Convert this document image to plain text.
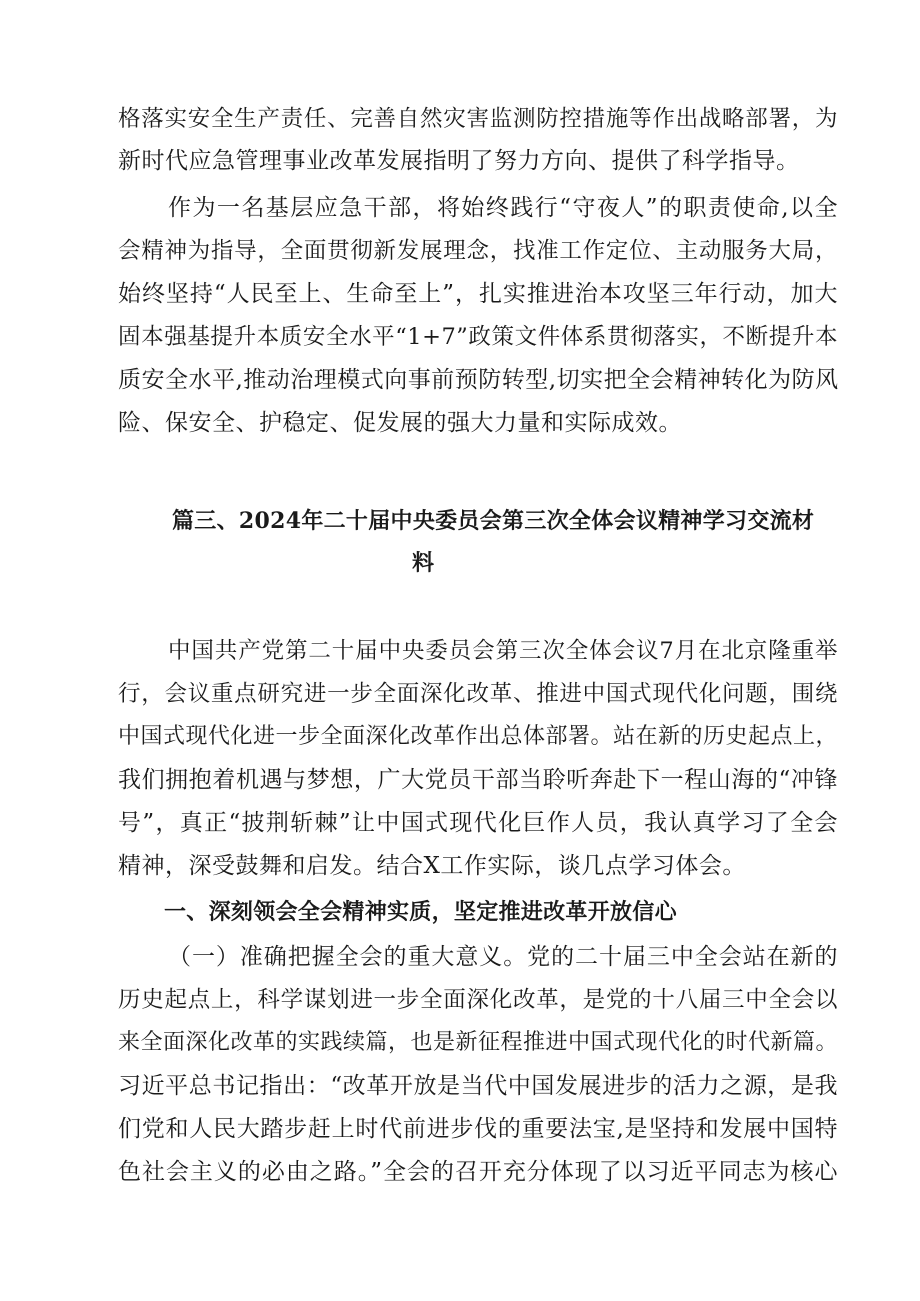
格落实安全生产责任、完善自然灾害监测防控措施等作出战略部署，为
新时代应急管理事业改革发展指明了努力方向、提供了科学指导。
作为一名基层应急干部，将始终践行“守夜人”的职责使命,以全
会精神为指导，全面贯彻新发展理念，找准工作定位、主动服务大局，
始终坚持“人民至上、生命至上”，扎实推进治本攻坚三年行动，加大
固本强基提升本质安全水平“1+7”政策文件体系贯彻落实，不断提升本
质安全水平,推动治理模式向事前预防转型,切实把全会精神转化为防风
险、保安全、护稳定、促发展的强大力量和实际成效。
篇三、2024年二十届中央委员会第三次全体会议精神学习交流材
料
中国共产党第二十届中央委员会第三次全体会议7月在北京隆重举
行，会议重点研究进一步全面深化改革、推进中国式现代化问题，围绕
中国式现代化进一步全面深化改革作出总体部署。站在新的历史起点上，
我们拥抱着机遇与梦想，广大党员干部当聆听奔赴下一程山海的“冲锋
号”，真正“披荆斩棘”让中国式现代化巨作人员，我认真学习了全会
精神，深受鼓舞和启发。结合X工作实际，谈几点学习体会。
一、深刻领会全会精神实质，坚定推进改革开放信心
（一）准确把握全会的重大意义。党的二十届三中全会站在新的
历史起点上，科学谋划进一步全面深化改革，是党的十八届三中全会以
来全面深化改革的实践续篇，也是新征程推进中国式现代化的时代新篇。
习近平总书记指出：“改革开放是当代中国发展进步的活力之源，是我
们党和人民大踏步赶上时代前进步伐的重要法宝,是坚持和发展中国特
色社会主义的必由之路。”全会的召开充分体现了以习近平同志为核心
